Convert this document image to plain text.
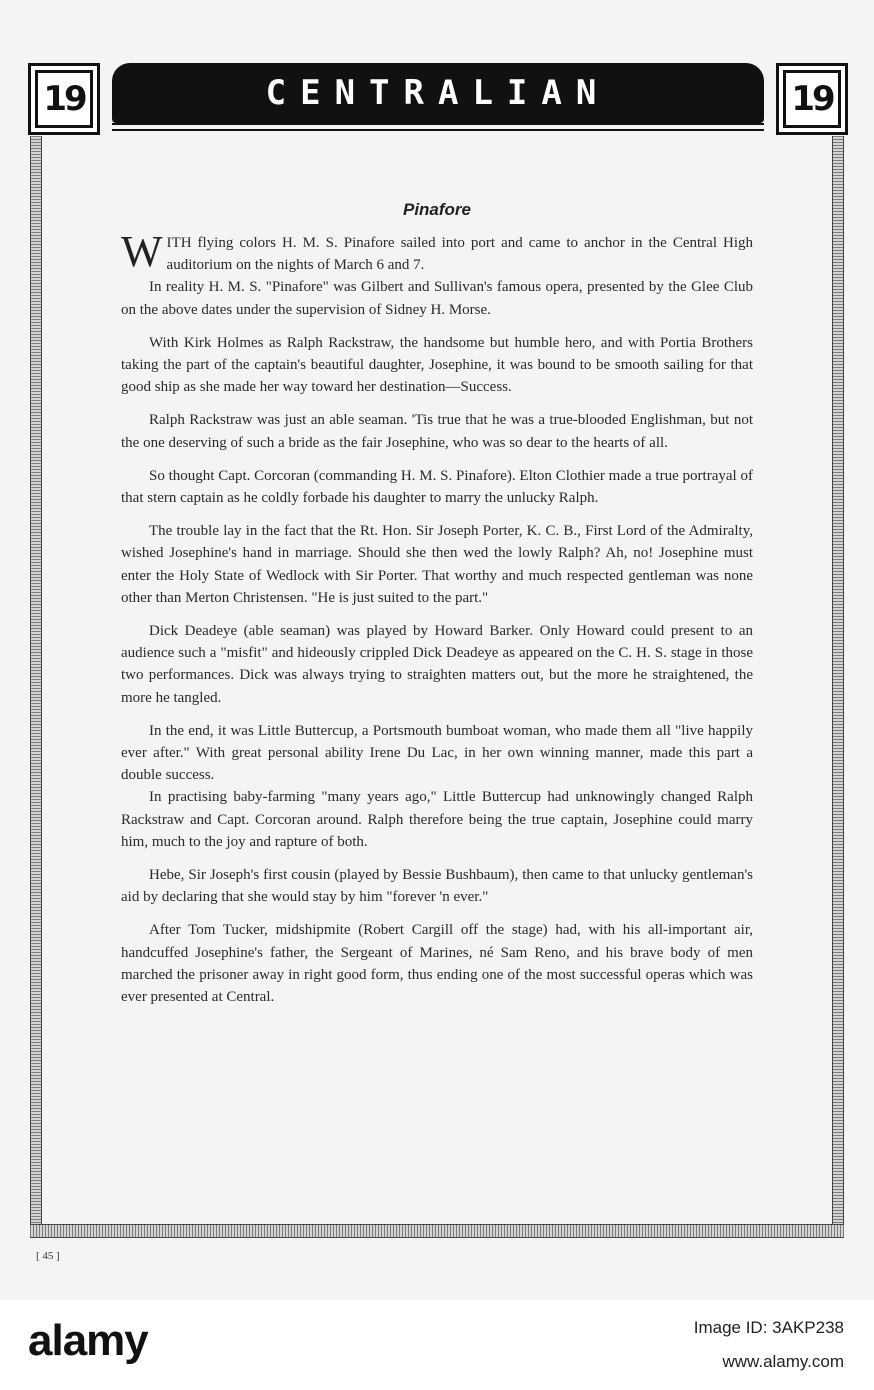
19	CENTRALIAN	19
Pinafore

WITH flying colors H. M. S. Pinafore sailed into port and came to anchor in the Central High auditorium on the nights of March 6 and 7.

In reality H. M. S. "Pinafore" was Gilbert and Sullivan's famous opera, presented by the Glee Club on the above dates under the supervision of Sidney H. Morse.

With Kirk Holmes as Ralph Rackstraw, the handsome but humble hero, and with Portia Brothers taking the part of the captain's beautiful daughter, Josephine, it was bound to be smooth sailing for that good ship as she made her way toward her destination—Success.

Ralph Rackstraw was just an able seaman. 'Tis true that he was a true-blooded Englishman, but not the one deserving of such a bride as the fair Josephine, who was so dear to the hearts of all.

So thought Capt. Corcoran (commanding H. M. S. Pinafore). Elton Clothier made a true portrayal of that stern captain as he coldly forbade his daughter to marry the unlucky Ralph.

The trouble lay in the fact that the Rt. Hon. Sir Joseph Porter, K. C. B., First Lord of the Admiralty, wished Josephine's hand in marriage. Should she then wed the lowly Ralph? Ah, no! Josephine must enter the Holy State of Wedlock with Sir Porter. That worthy and much respected gentleman was none other than Merton Christensen. "He is just suited to the part."

Dick Deadeye (able seaman) was played by Howard Barker. Only Howard could present to an audience such a "misfit" and hideously crippled Dick Deadeye as appeared on the C. H. S. stage in those two performances. Dick was always trying to straighten matters out, but the more he straightened, the more he tangled.

In the end, it was Little Buttercup, a Portsmouth bumboat woman, who made them all "live happily ever after." With great personal ability Irene Du Lac, in her own winning manner, made this part a double success.

In practising baby-farming "many years ago," Little Buttercup had unknowingly changed Ralph Rackstraw and Capt. Corcoran around. Ralph therefore being the true captain, Josephine could marry him, much to the joy and rapture of both.

Hebe, Sir Joseph's first cousin (played by Bessie Bushbaum), then came to that unlucky gentleman's aid by declaring that she would stay by him "forever 'n ever."

After Tom Tucker, midshipmite (Robert Cargill off the stage) had, with his all-important air, handcuffed Josephine's father, the Sergeant of Marines, né Sam Reno, and his brave body of men marched the prisoner away in right good form, thus ending one of the most successful operas which was ever presented at Central.

[ 45 ]
alamy	Image ID: 3AKP238
www.alamy.com
